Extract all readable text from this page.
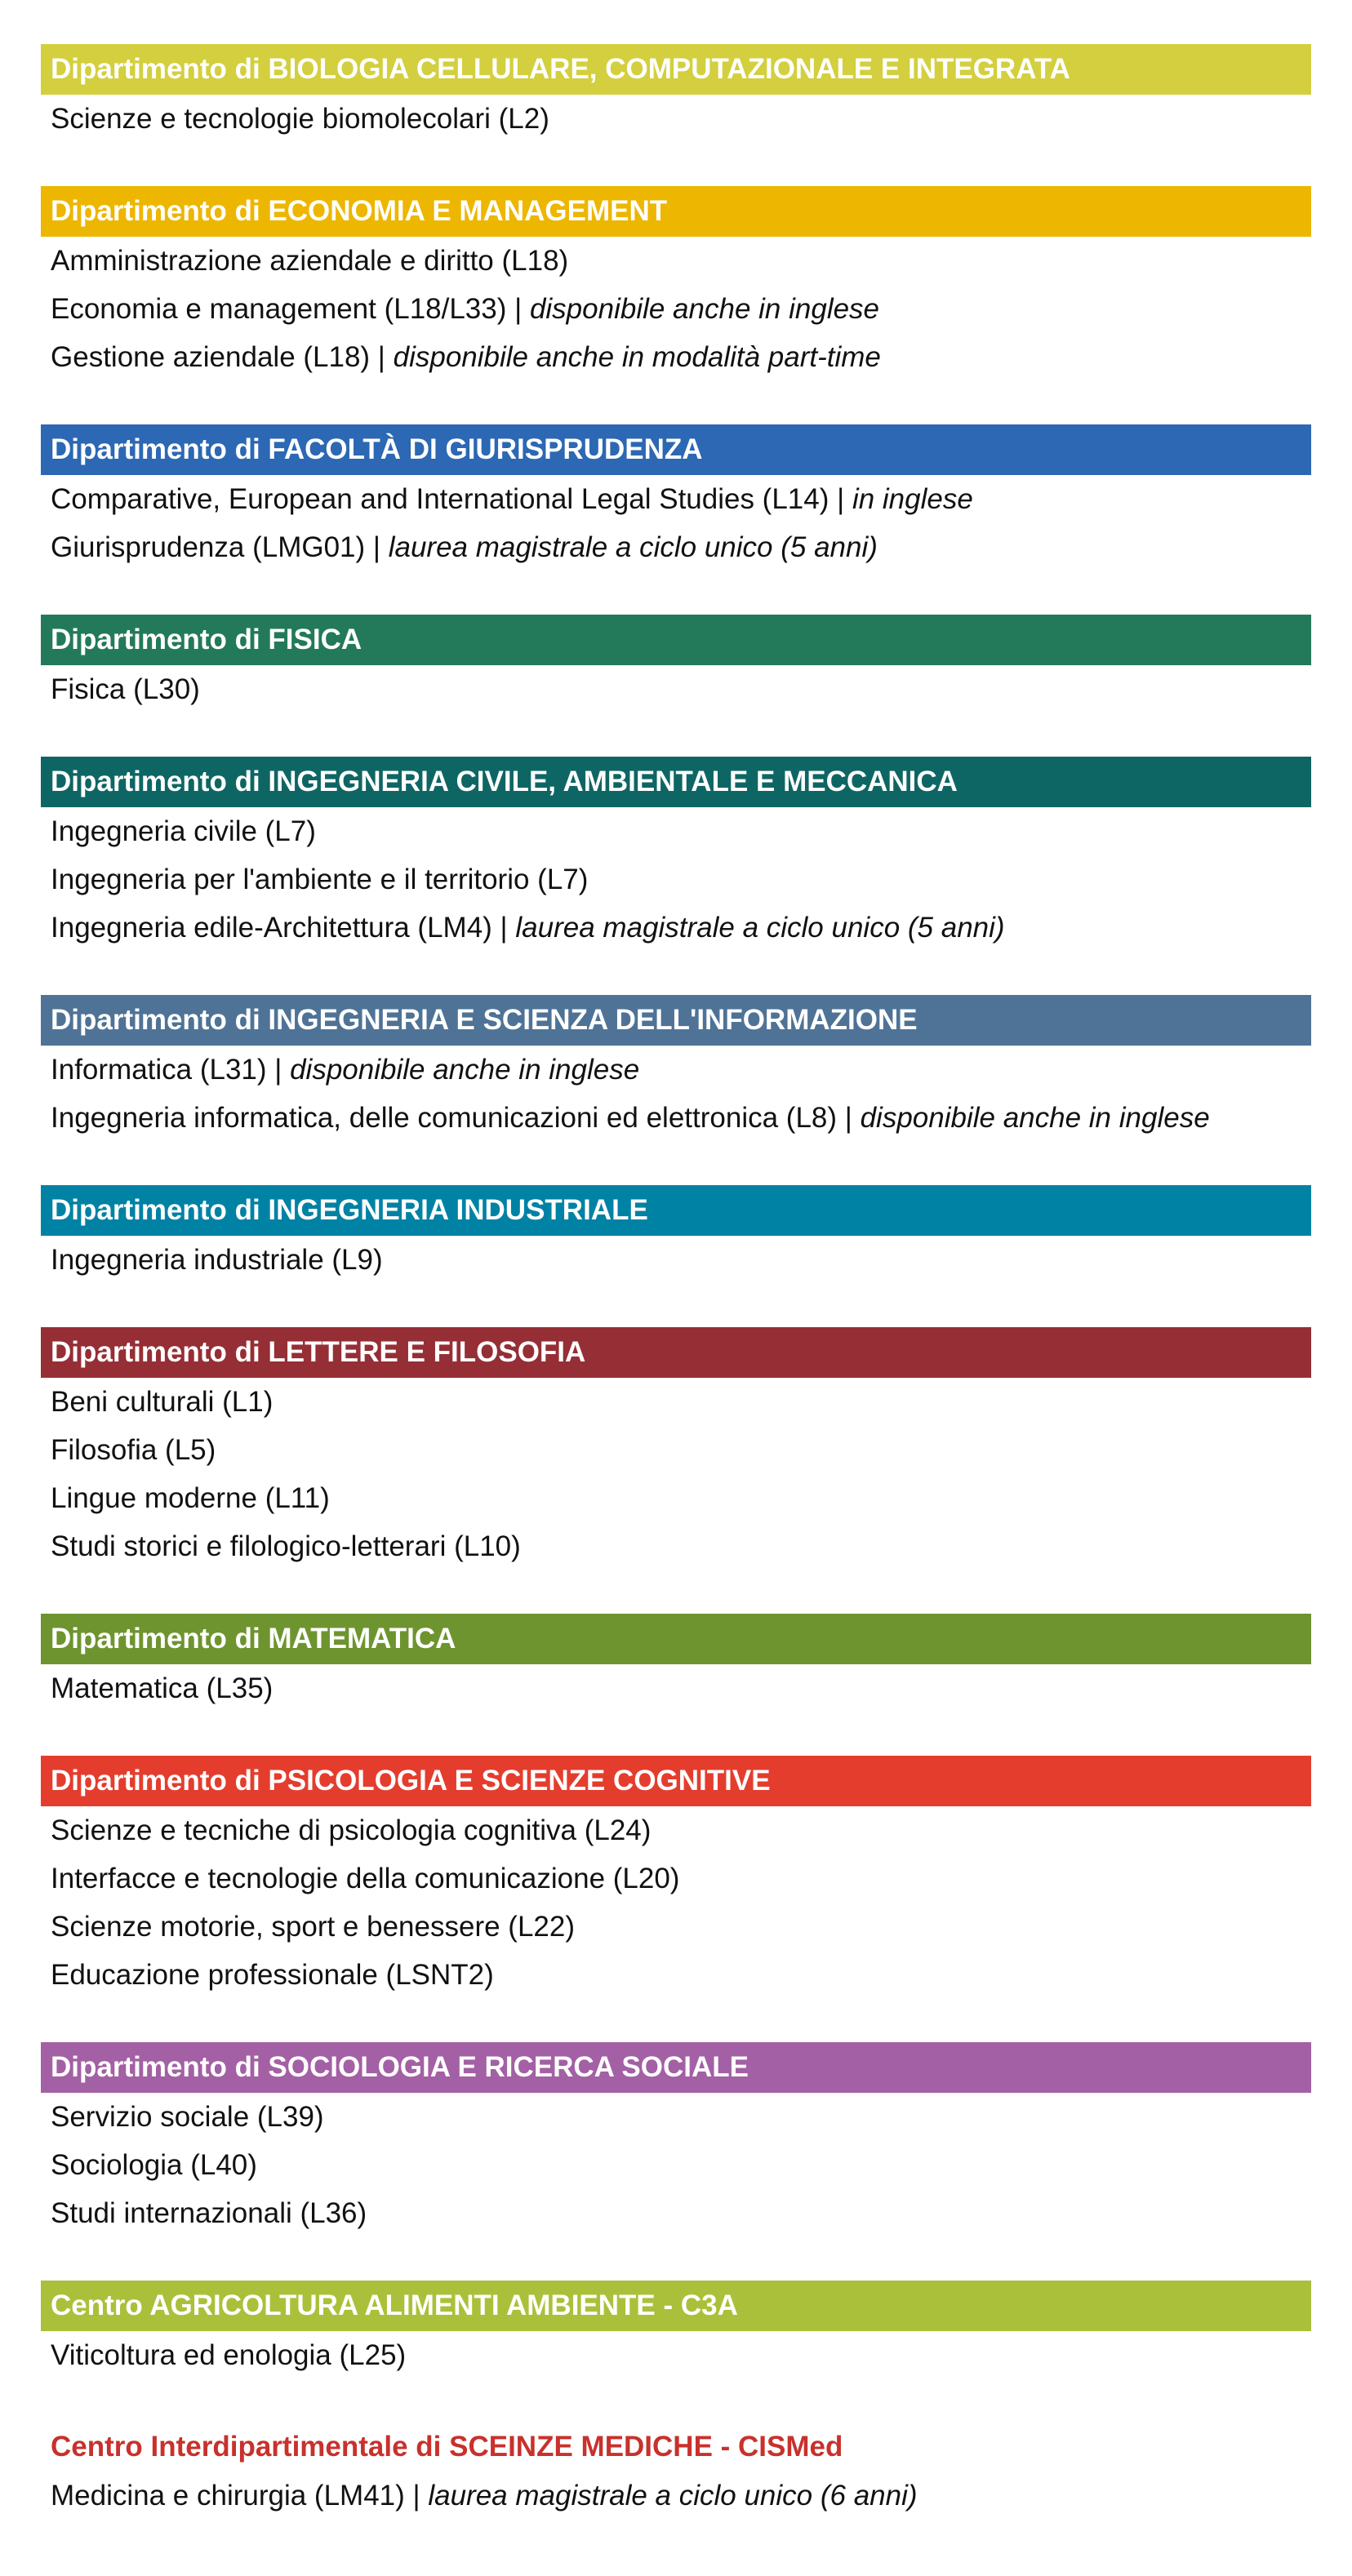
Dipartimento di BIOLOGIA CELLULARE, COMPUTAZIONALE E INTEGRATA
Scienze e tecnologie biomolecolari (L2)
Dipartimento di ECONOMIA E MANAGEMENT
Amministrazione aziendale e diritto (L18)
Economia e management (L18/L33) | disponibile anche in inglese
Gestione aziendale (L18) | disponibile anche in modalità part-time
Dipartimento di FACOLTÀ DI GIURISPRUDENZA
Comparative, European and International Legal Studies (L14) | in inglese
Giurisprudenza (LMG01) | laurea magistrale a ciclo unico (5 anni)
Dipartimento di FISICA
Fisica (L30)
Dipartimento di INGEGNERIA CIVILE, AMBIENTALE E MECCANICA
Ingegneria civile (L7)
Ingegneria per l'ambiente e il territorio (L7)
Ingegneria edile-Architettura (LM4) | laurea magistrale a ciclo unico (5 anni)
Dipartimento di INGEGNERIA E SCIENZA DELL'INFORMAZIONE
Informatica (L31) | disponibile anche in inglese
Ingegneria informatica, delle comunicazioni ed elettronica (L8) | disponibile anche in inglese
Dipartimento di INGEGNERIA INDUSTRIALE
Ingegneria industriale (L9)
Dipartimento di LETTERE E FILOSOFIA
Beni culturali (L1)
Filosofia (L5)
Lingue moderne (L11)
Studi storici e filologico-letterari (L10)
Dipartimento di MATEMATICA
Matematica (L35)
Dipartimento di PSICOLOGIA E SCIENZE COGNITIVE
Scienze e tecniche di psicologia cognitiva (L24)
Interfacce e tecnologie della comunicazione (L20)
Scienze motorie, sport e benessere (L22)
Educazione professionale (LSNT2)
Dipartimento di SOCIOLOGIA E RICERCA SOCIALE
Servizio sociale (L39)
Sociologia (L40)
Studi internazionali (L36)
Centro AGRICOLTURA ALIMENTI AMBIENTE - C3A
Viticoltura ed enologia (L25)
Centro Interdipartimentale di SCEINZE MEDICHE - CISMed
Medicina e chirurgia (LM41) | laurea magistrale a ciclo unico (6 anni)
